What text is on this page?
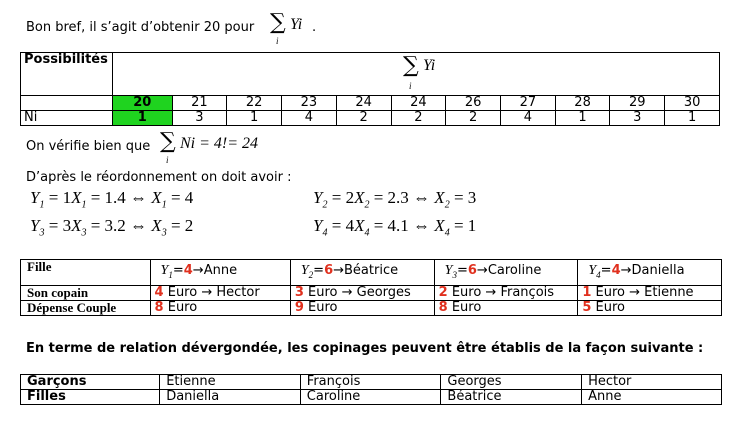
Bon bref, il s’agit d’obtenir 20 pour ∑ Yi
i
.
Possibilités	∑ Yi
i										

	20	21	22	23	24	24	26	27	28	29	30
Ni	1	3	1	4	2	2	2	4	1	3	1
On vérifie bien que ∑
i
Ni = 4!= 24
D’après le réordonnement on doit avoir :
$Y_1 = 1X_1 = 1.4$ ⇔ $X_1 = 4$	$Y_2 = 2X_2 = 2.3$ ⇔ $X_2 = 3$
$Y_3 = 3X_3 = 3.2$ ⇔ $X_3 = 2$	$Y_4 = 4X_4 = 4.1$ ⇔ $X_4 = 1$
Fille	$Y_1=4\to Anne$	$Y_2=6\to Béatrice$	$Y_3=6\to Caroline$	$Y_4=4\to Daniella$
Son copain	4 Euro → Hector	3 Euro → Georges	2 Euro → François	1 Euro → Etienne
Dépense Couple	8 Euro	9 Euro	8 Euro	5 Euro
En terme de relation dévergondée, les copinages peuvent être établis de la façon suivante :
Garçons	Etienne	François	Georges	Hector
Filles	Daniella	Caroline	Béatrice	Anne
